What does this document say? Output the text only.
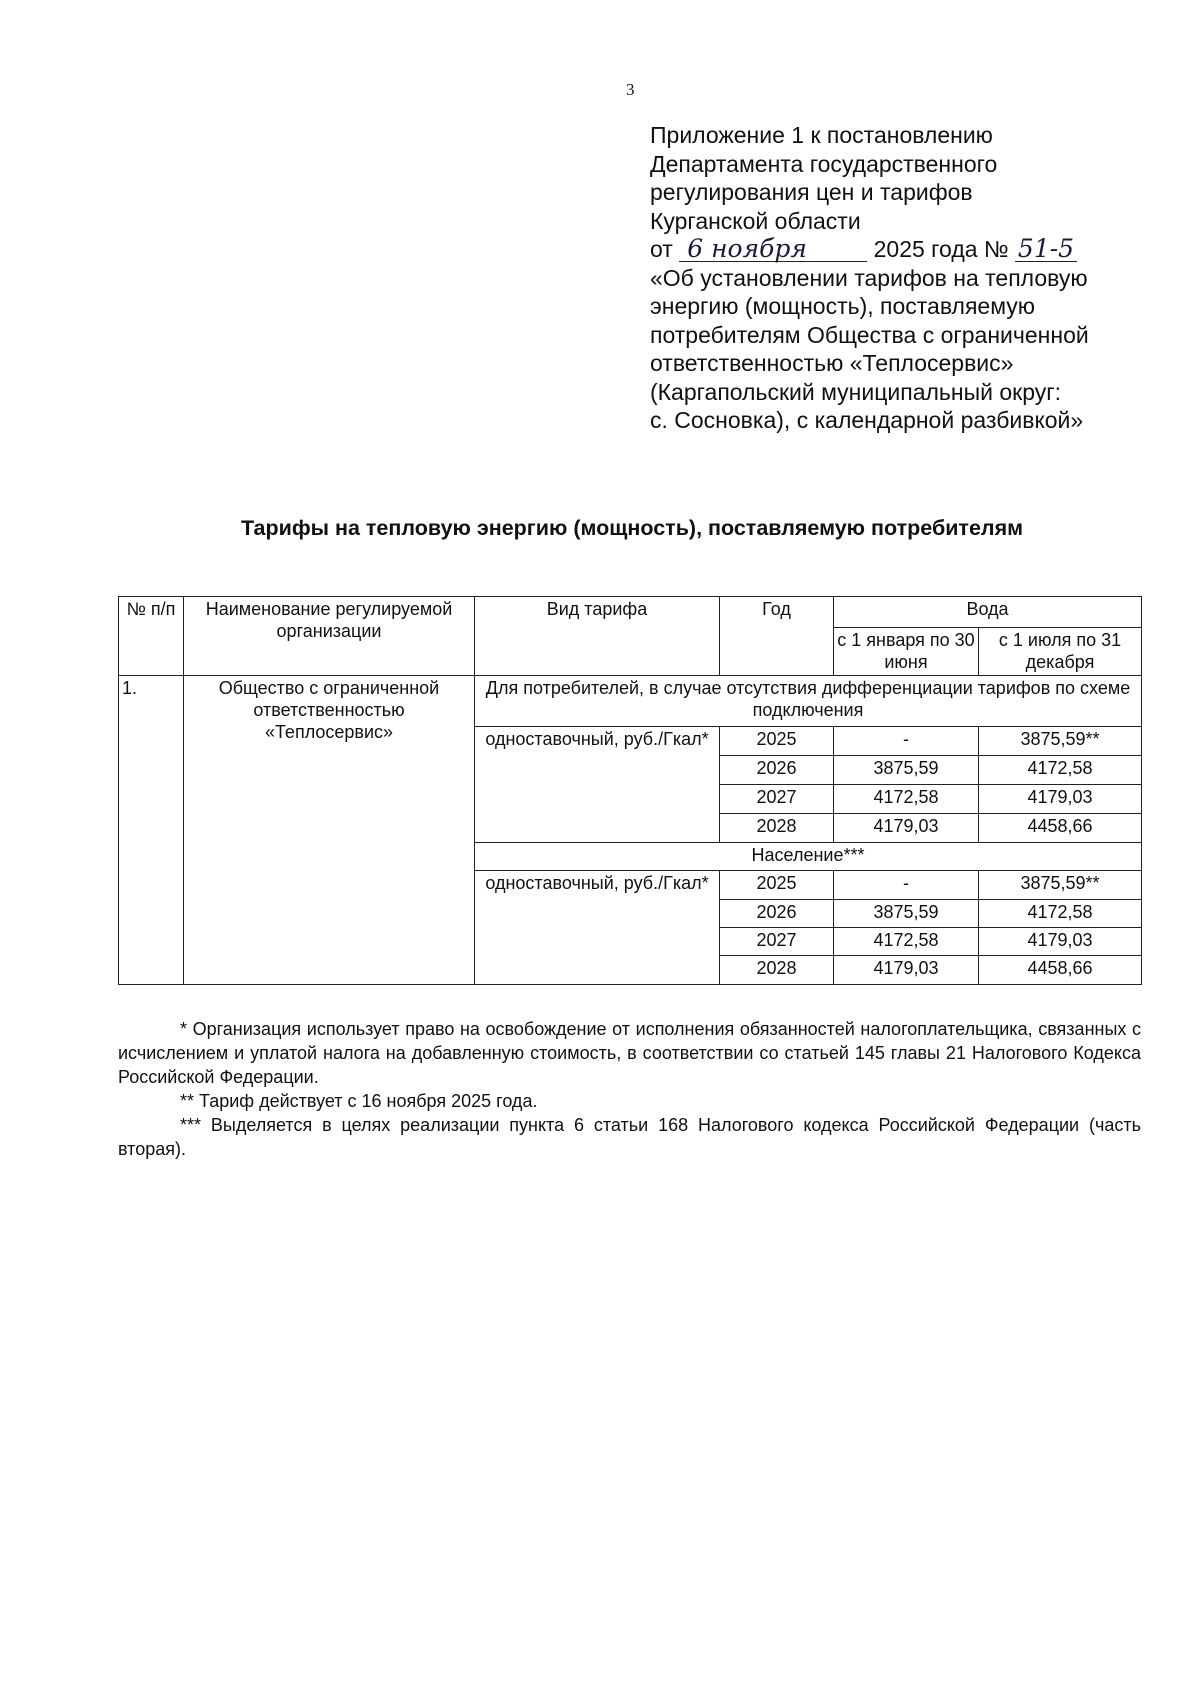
3
Приложение 1 к постановлению
Департамента государственного
регулирования цен и тарифов
Курганской области
от 6 ноября	2025 года № 51-5
«Об установлении тарифов на тепловую
энергию (мощность), поставляемую
потребителям Общества с ограниченной
ответственностью «Теплосервис»
(Каргапольский муниципальный округ:
с. Сосновка), с календарной разбивкой»
Тарифы на тепловую энергию (мощность), поставляемую потребителям
№ п/п	Наименование регулируемой организации	Вид тарифа	Год	Вода	
				с 1 января по 30 июня	с 1 июля по 31 декабря
1.	Общество с ограниченной ответственностью «Теплосервис»	Для потребителей, в случае отсутствия дифференциации тарифов по схеме подключения			
		одноставочный, руб./Гкал*	2025	-	3875,59**
			2026	3875,59	4172,58
			2027	4172,58	4179,03
			2028	4179,03	4458,66
		Население***			
		одноставочный, руб./Гкал*	2025	-	3875,59**
			2026	3875,59	4172,58
			2027	4172,58	4179,03
			2028	4179,03	4458,66

* Организация использует право на освобождение от исполнения обязанностей налогоплательщика, связанных с исчислением и уплатой налога на добавленную стоимость, в соответствии со статьей 145 главы 21 Налогового Кодекса Российской Федерации.

** Тариф действует с 16 ноября 2025 года.

*** Выделяется в целях реализации пункта 6 статьи 168 Налогового кодекса Российской Федерации (часть вторая).
